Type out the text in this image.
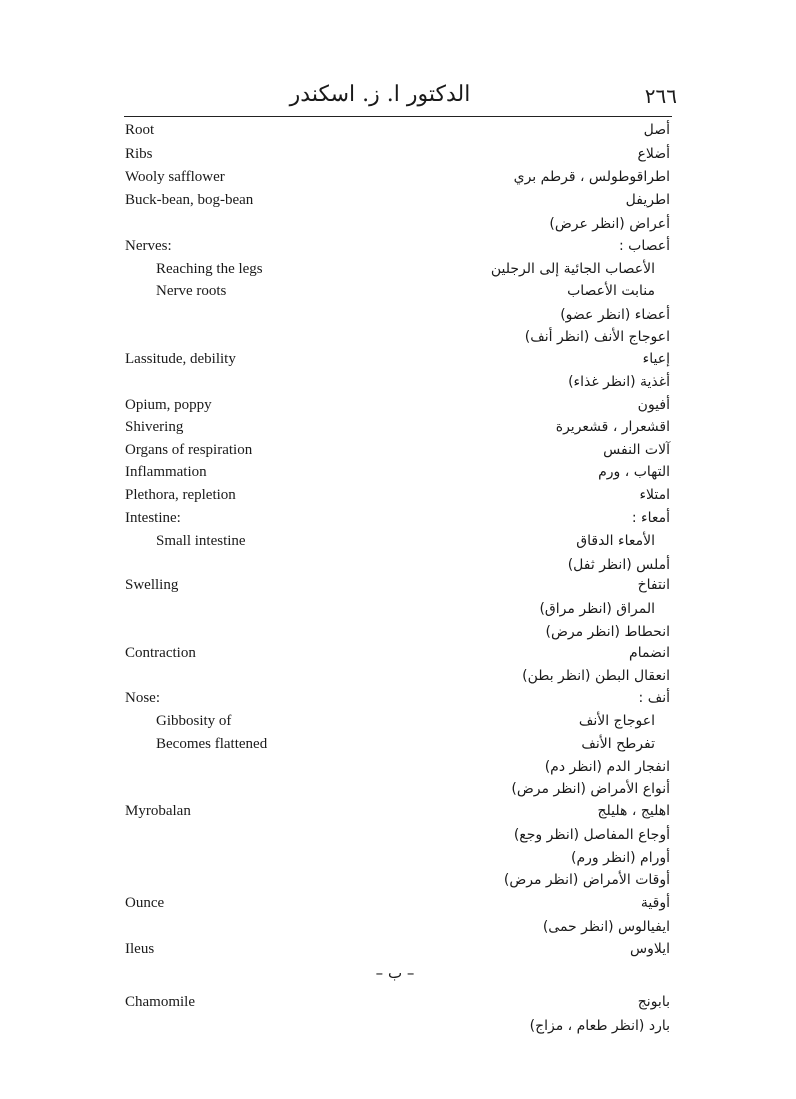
٢٦٦
الدكتور ا. ز. اسكندر
Root	أصل
Ribs	أضلاع
Wooly safflower	اطراقوطولس ، قرطم بري
Buck-bean, bog-bean	اطريفل
أعراض (انظر عرض)
Nerves:	أعصاب :
Reaching the legs	الأعصاب الجائية إلى الرجلين
Nerve roots	منابت الأعصاب
أعضاء (انظر عضو)
اعوجاج الأنف (انظر أنف)
Lassitude, debility	إعياء
أغذية (انظر غذاء)
Opium, poppy	أفيون
Shivering	اقشعرار ، قشعريرة
Organs of respiration	آلات النفس
Inflammation	التهاب ، ورم
Plethora, repletion	امتلاء
Intestine:	أمعاء :
Small intestine	الأمعاء الدقاق
أملس (انظر ثفل)
Swelling	انتفاخ
المراق (انظر مراق)
انحطاط (انظر مرض)
Contraction	انضمام
انعقال البطن (انظر بطن)
Nose:	أنف :
Gibbosity of	اعوجاج الأنف
Becomes flattened	تفرطح الأنف
انفجار الدم (انظر دم)
أنواع الأمراض (انظر مرض)
Myrobalan	اهليج ، هليلج
أوجاع المفاصل (انظر وجع)
أورام (انظر ورم)
أوقات الأمراض (انظر مرض)
Ounce	أوقية
ايفيالوس (انظر حمى)
Ileus	ايلاوس
– ب –
Chamomile	بابونج
بارد (انظر طعام ، مزاج)
